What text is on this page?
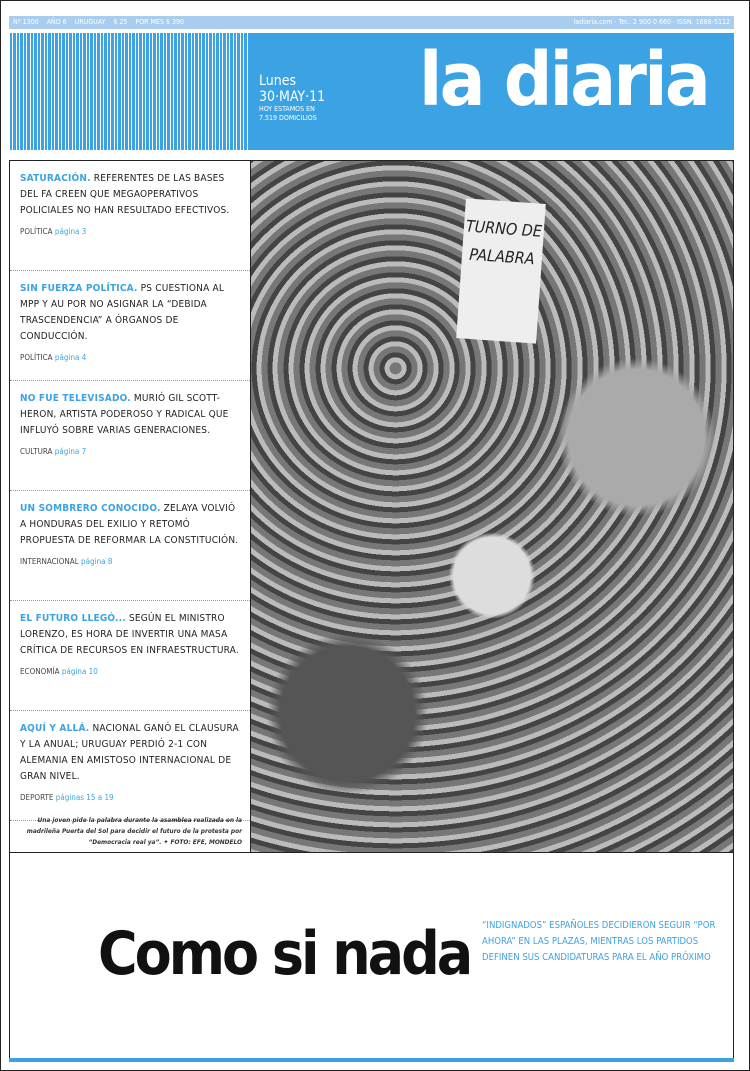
Nº 1300 AÑO 6 URUGUAY $ 25 POR MES $ 390	ladiaria.com · Tel.: 2 900 0 660 · ISSN: 1688-5112
Lunes
30·MAY·11
HOY ESTAMOS EN
7.519 DOMICILIOS la diaria
SATURACIÓN. REFERENTES DE LAS BASES DEL FA CREEN QUE MEGAOPERATIVOS POLICIALES NO HAN RESULTADO EFECTIVOS.
POLÍTICA página 3
SIN FUERZA POLÍTICA. PS CUESTIONA AL MPP Y AU POR NO ASIGNAR LA “DEBIDA TRASCENDENCIA” A ÓRGANOS DE CONDUCCIÓN.
POLÍTICA página 4
NO FUE TELEVISADO. MURIÓ GIL SCOTT-HERON, ARTISTA PODEROSO Y RADICAL QUE INFLUYÓ SOBRE VARIAS GENERACIONES.
CULTURA página 7
UN SOMBRERO CONOCIDO. ZELAYA VOLVIÓ A HONDURAS DEL EXILIO Y RETOMÓ PROPUESTA DE REFORMAR LA CONSTITUCIÓN.
INTERNACIONAL página 8
EL FUTURO LLEGÓ... SEGÚN EL MINISTRO LORENZO, ES HORA DE INVERTIR UNA MASA CRÍTICA DE RECURSOS EN INFRAESTRUCTURA.
ECONOMÍA página 10
AQUÍ Y ALLÁ. NACIONAL GANÓ EL CLAUSURA Y LA ANUAL; URUGUAY PERDIÓ 2-1 CON ALEMANIA EN AMISTOSO INTERNACIONAL DE GRAN NIVEL.
DEPORTE páginas 15 a 19
Una joven pide la palabra durante la asamblea realizada en la madrileña Puerta del Sol para decidir el futuro de la protesta por “Democracia real ya”. ✦ FOTO: EFE, MONDELO
TURNO DE PALABRA
Como si nada “INDIGNADOS” ESPAÑOLES DECIDIERON SEGUIR “POR AHORA” EN LAS PLAZAS, MIENTRAS LOS PARTIDOS DEFINEN SUS CANDIDATURAS PARA EL AÑO PRÓXIMO
